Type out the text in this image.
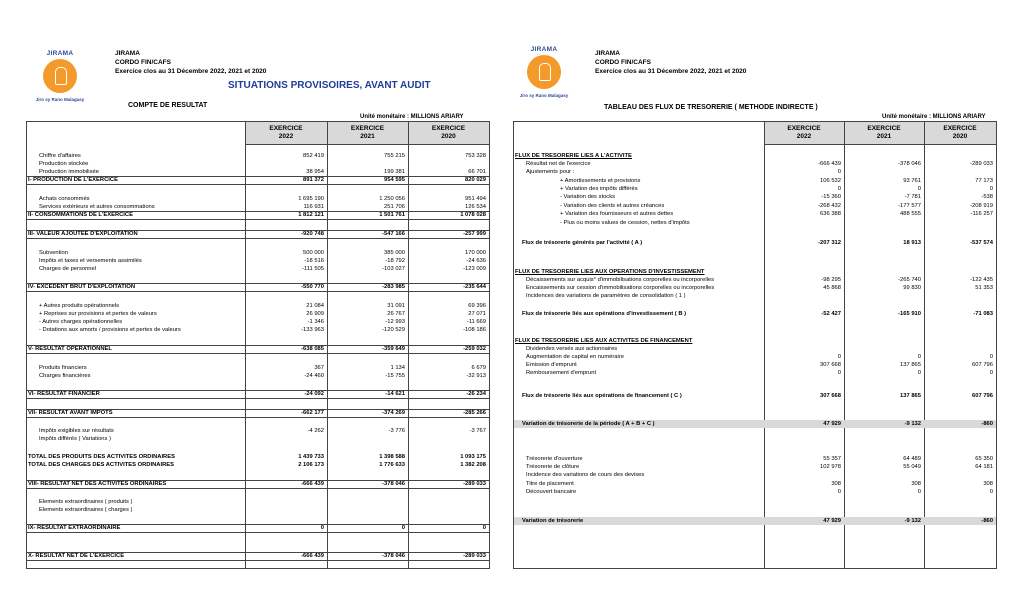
JIRAMA
Jiro sy Rano Malagasy
JIRAMA
CORDO FIN/CAFS
Exercice clos au 31 Décembre 2022, 2021 et 2020
SITUATIONS PROVISOIRES, AVANT AUDIT
COMPTE DE RESULTAT
Unité monétaire : MILLIONS ARIARY
EXERCICE
2022
EXERCICE
2021
EXERCICE
2020
Chiffre d'affaires	852 419	755 215	753 328
Production stockée
Production immobilisée	38 954	199 381	66 701
I- PRODUCTION DE L'EXERCICE	891 372	954 595	820 029
Achats consommés	1 695 190	1 250 056	951 494
Services extérieurs et autres consommations	116 931	251 706	126 534
II- CONSOMMATIONS DE L'EXERCICE	1 812 121	1 501 761	1 078 028
III- VALEUR AJOUTEE D'EXPLOITATION	-920 748	-547 166	-257 999
Subvention	500 000	385 000	170 000
Impôts et taxes et versements assimilés	-18 516	-18 792	-24 636
Charges de personnel	-111 505	-103 027	-123 009
IV- EXCEDENT BRUT D'EXPLOITATION	-550 770	-283 985	-235 644
+ Autres produits opérationnels	21 084	31 091	69 396
+ Reprises sur provisions et pertes de valeurs	26 909	26 767	27 071
- Autres charges opérationnelles	-1 346	-12 993	-11 669
- Dotations aux amorts / provisions et pertes de valeurs	-133 963	-120 529	-108 186
V- RESULTAT OPERATIONNEL	-638 085	-359 649	-259 032
Produits financiers	367	1 134	6 679
Charges financières	-24 460	-15 755	-32 913
VI- RESULTAT FINANCIER	-24 092	-14 621	-26 234
VII- RESULTAT AVANT IMPOTS	-662 177	-374 269	-285 266
Impôts exigibles sur résultats	-4 262	-3 776	-3 767
Impôts différés ( Variations )
TOTAL DES PRODUITS DES ACTIVITES ORDINAIRES	1 439 733	1 398 588	1 093 175
TOTAL DES CHARGES DES ACTIVITES ORDINAIRES	2 106 173	1 776 633	1 382 208
VIII- RESULTAT NET DES ACTIVITES ORDINAIRES	-666 439	-378 046	-289 033
Elements extraordinaires ( produits )
Elements extraordinaires ( charges )
IX- RESULTAT EXTRAORDINAIRE	0	0	0
X- RESULTAT NET DE L'EXERCICE	-666 439	-378 046	-289 033
JIRAMA
Jiro sy Rano Malagasy
JIRAMA
CORDO FIN/CAFS
Exercice clos au 31 Décembre 2022, 2021 et 2020
TABLEAU DES FLUX DE TRESORERIE ( METHODE INDIRECTE )
Unité monétaire : MILLIONS ARIARY
EXERCICE
2022
EXERCICE
2021
EXERCICE
2020
FLUX DE TRESORERIE LIES A L'ACTIVITE
Résultat net de l'exercice	-666 439	-378 046	-289 033
Ajustements pour :	0
+ Amortissements et provisions	106 532	93 761	77 173
+ Variation des impôts différés	0	0	0
- Variation des stocks	-15 360	-7 781	-538
- Variation des clients et autres créances	-268 432	-177 577	-208 919
+ Variation des fournisseurs et autres dettes	636 388	488 555	-116 257
- Plus ou moins values de cession, nettes d'impôts
Flux de trésorerie générés par l'activité ( A )	-207 312	18 913	-537 574
FLUX DE TRESORERIE LIES AUX OPERATIONS D'INVESTISSEMENT
Décaissements sur acquis° d'immobilisations corporelles ou incorporelles	-98 295	-265 740	-122 435
Encaissements sur cession d'immobilisations corporelles ou incorporelles	45 868	99 830	51 353
Incidences des variations de paramètres de consolidation ( 1 )
Flux de trésorerie liés aux opérations d'investissement ( B )	-52 427	-165 910	-71 083
FLUX DE TRESORERIE LIES AUX ACTIVITES DE FINANCEMENT
Dividendes versés aux actionnaires
Augmentation de capital en numéraire	0	0	0
Emission d'emprunt	307 668	137 865	607 796
Remboursement d'emprunt	0	0	0
Flux de trésorerie liés aux opérations de financement ( C )	307 668	137 865	607 796
Variation de trésorerie de la période ( A + B + C )	47 929	-9 132	-860
Trésorerie d'ouverture	55 357	64 489	65 350
Trésorerie de clôture	102 978	55 049	64 181
Incidence des variations de cours des devises
Titre de placement	308	308	308
Découvert bancaire	0	0	0
Variation de trésorerie	47 929	-9 132	-860
